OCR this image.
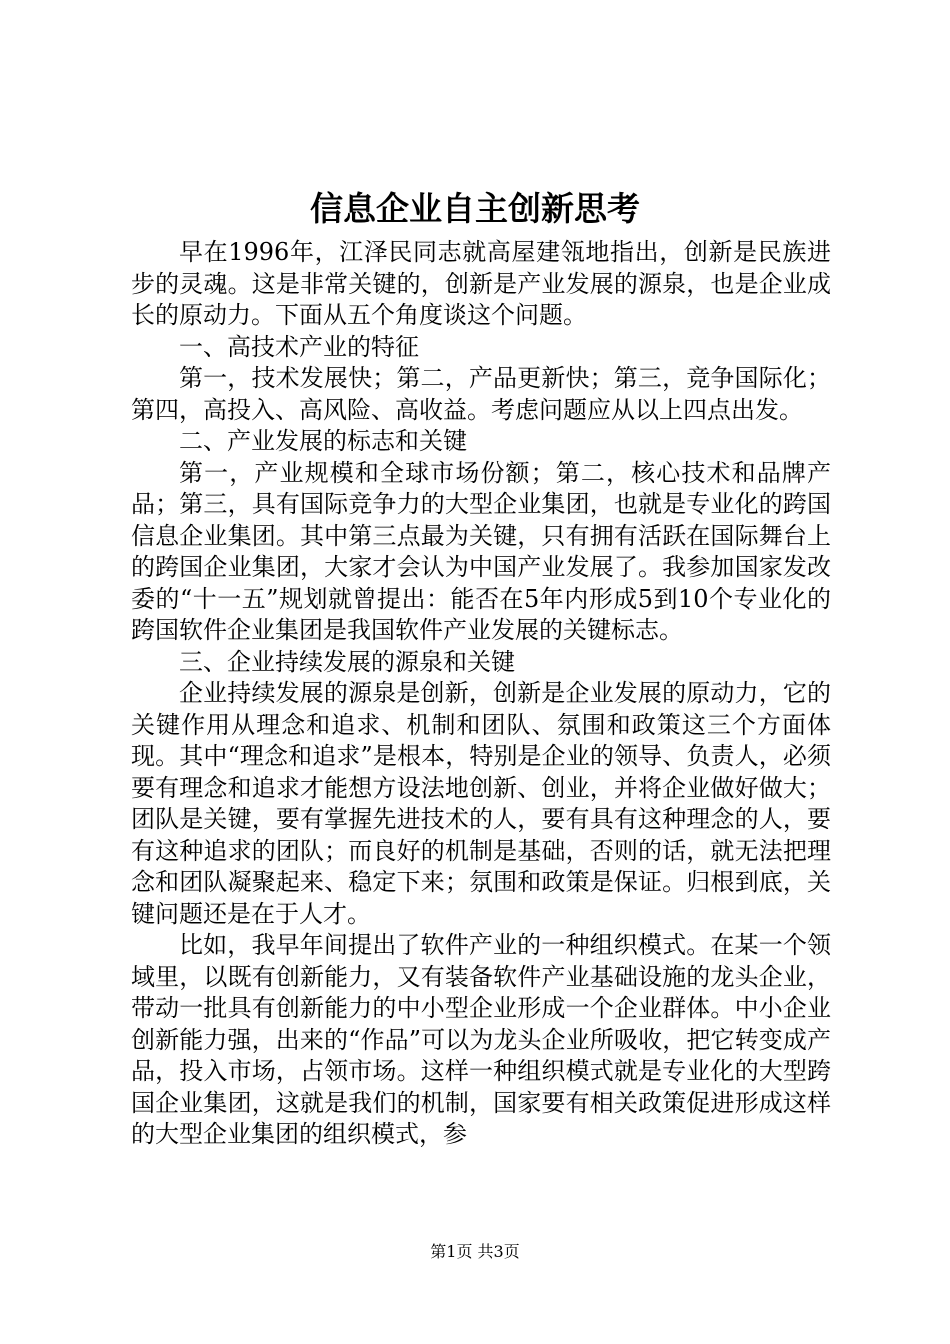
信息企业自主创新思考

早在1996年，江泽民同志就高屋建瓴地指出，创新是民族进步的灵魂。这是非常关键的，创新是产业发展的源泉，也是企业成长的原动力。下面从五个角度谈这个问题。

一、高技术产业的特征

第一，技术发展快；第二，产品更新快；第三，竞争国际化；第四，高投入、高风险、高收益。考虑问题应从以上四点出发。

二、产业发展的标志和关键

第一，产业规模和全球市场份额；第二，核心技术和品牌产品；第三，具有国际竞争力的大型企业集团，也就是专业化的跨国信息企业集团。其中第三点最为关键，只有拥有活跃在国际舞台上的跨国企业集团，大家才会认为中国产业发展了。我参加国家发改委的“十一五”规划就曾提出：能否在5年内形成5到10个专业化的跨国软件企业集团是我国软件产业发展的关键标志。

三、企业持续发展的源泉和关键

企业持续发展的源泉是创新，创新是企业发展的原动力，它的关键作用从理念和追求、机制和团队、氛围和政策这三个方面体现。其中“理念和追求”是根本，特别是企业的领导、负责人，必须要有理念和追求才能想方设法地创新、创业，并将企业做好做大；团队是关键，要有掌握先进技术的人，要有具有这种理念的人，要有这种追求的团队；而良好的机制是基础，否则的话，就无法把理念和团队凝聚起来、稳定下来；氛围和政策是保证。归根到底，关键问题还是在于人才。

比如，我早年间提出了软件产业的一种组织模式。在某一个领域里，以既有创新能力，又有装备软件产业基础设施的龙头企业，带动一批具有创新能力的中小型企业形成一个企业群体。中小企业创新能力强，出来的“作品”可以为龙头企业所吸收，把它转变成产品，投入市场，占领市场。这样一种组织模式就是专业化的大型跨国企业集团，这就是我们的机制，国家要有相关政策促进形成这样的大型企业集团的组织模式，参

第1页 共3页
